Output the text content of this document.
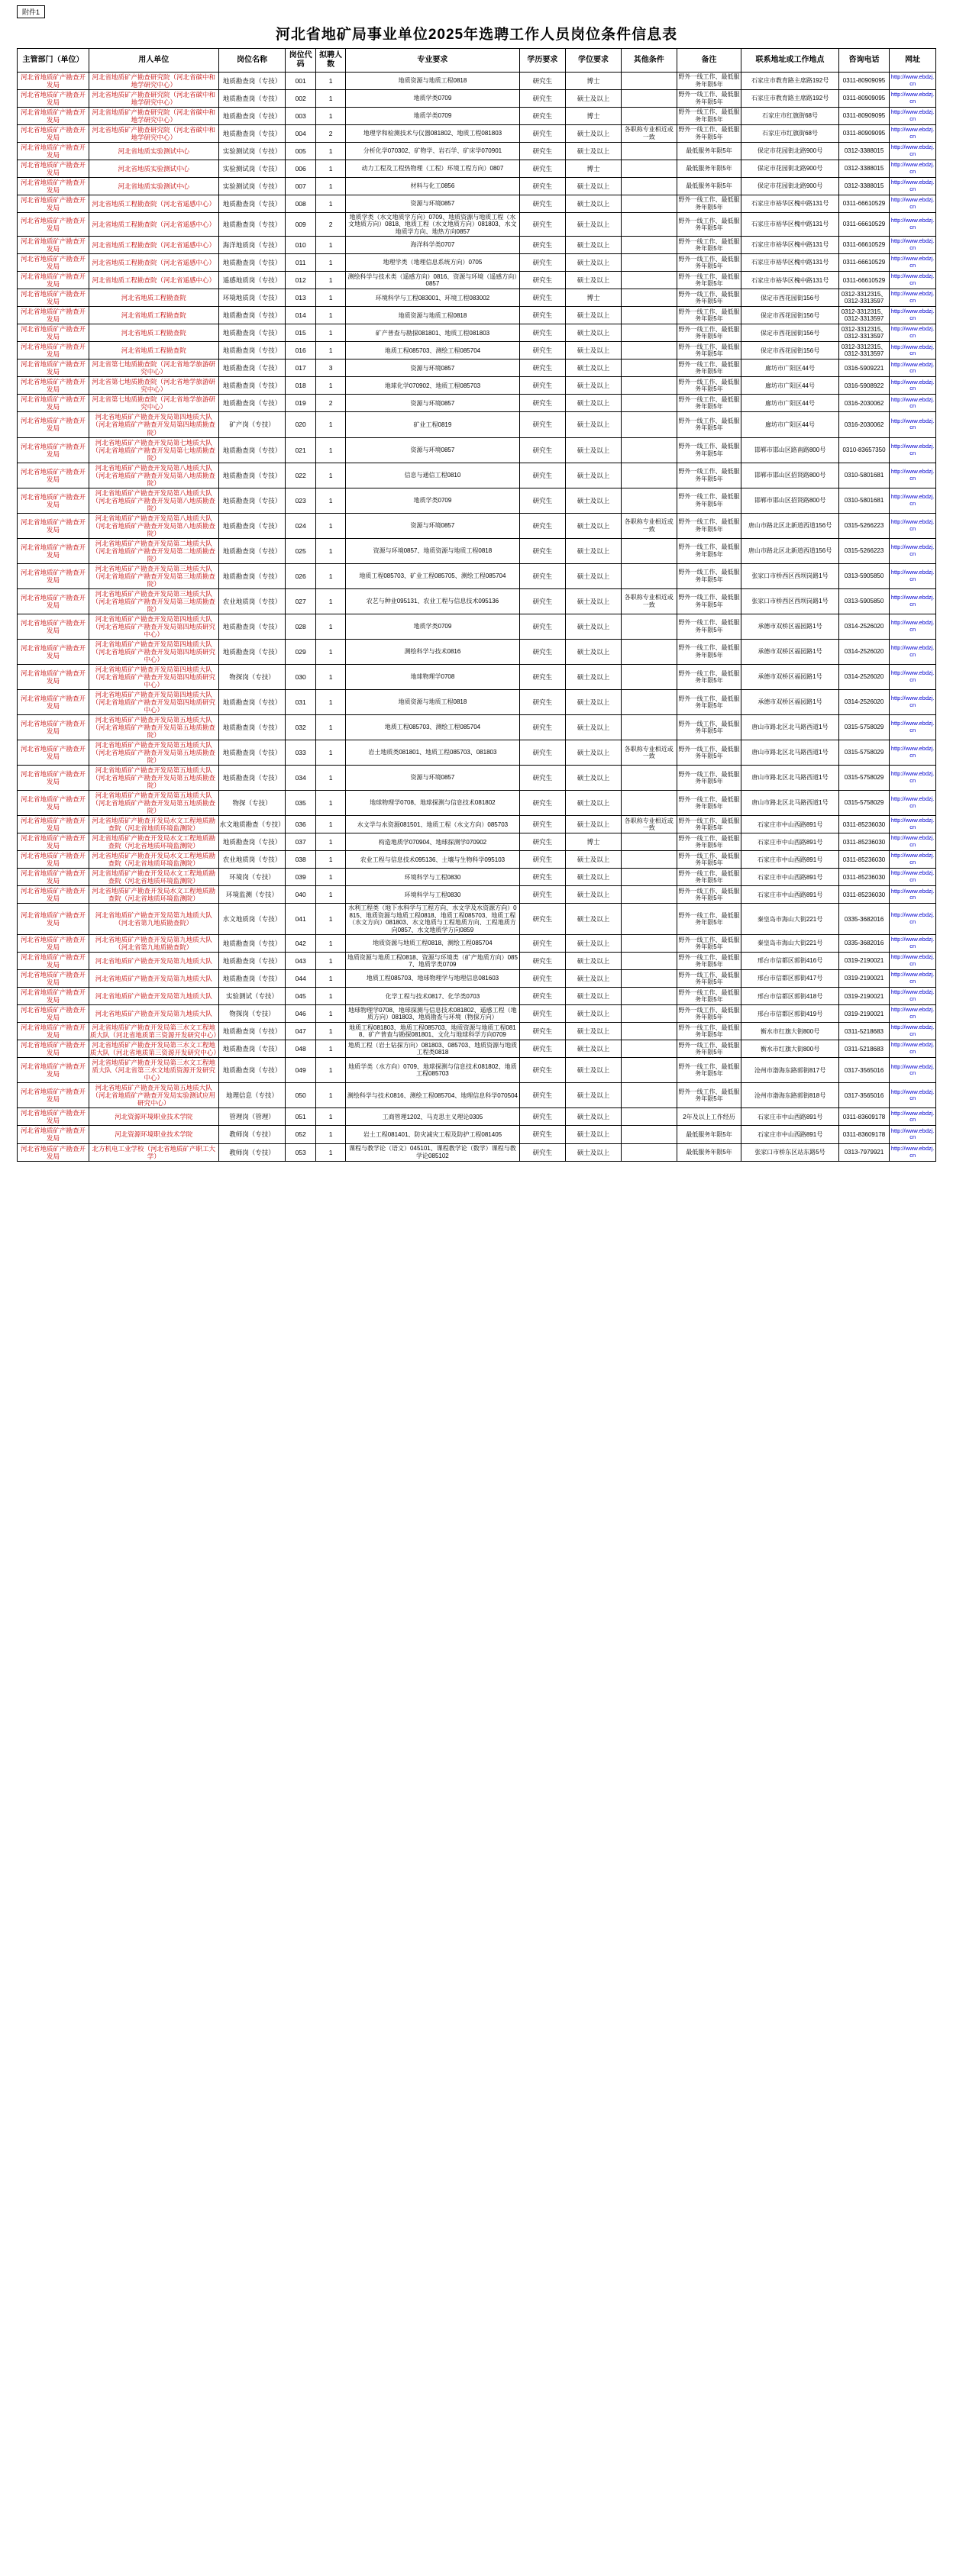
附件1
河北省地矿局事业单位2025年选聘工作人员岗位条件信息表
主管部门（单位）	用人单位	岗位名称	岗位代码	拟聘人数	专业要求	学历要求	学位要求	其他条件	备注	联系地址或工作地点	咨询电话	网址
河北省地质矿产勘查开发局	河北省地质矿产勘查研究院（河北省碳中和地学研究中心）	地质勘查岗（专技）	001	1	地质资源与地质工程0818	研究生	博士		野外一线工作、最低服务年限5年	石家庄市教育路主席路192号	0311-80909095	http://www.ebdzj.cn
河北省地质矿产勘查开发局	河北省地质矿产勘查研究院（河北省碳中和地学研究中心）	地质勘查岗（专技）	002	1	地质学类0709	研究生	硕士及以上		野外一线工作、最低服务年限5年	石家庄市教育路主席路192号	0311-80909095	http://www.ebdzj.cn
河北省地质矿产勘查开发局	河北省地质矿产勘查研究院（河北省碳中和地学研究中心）	地质勘查岗（专技）	003	1	地质学类0709	研究生	博士		野外一线工作、最低服务年限5年	石家庄市红旗街68号	0311-80909095	http://www.ebdzj.cn
河北省地质矿产勘查开发局	河北省地质矿产勘查研究院（河北省碳中和地学研究中心）	地质勘查岗（专技）	004	2	地理学和检测技术与仪器081802、地质工程081803	研究生	硕士及以上	各职称专业相近或一致	野外一线工作、最低服务年限5年	石家庄市红旗街68号	0311-80909095	http://www.ebdzj.cn
河北省地质矿产勘查开发局	河北省地质实验测试中心	实验测试岗（专技）	005	1	分析化学070302、矿物学、岩石学、矿床学070901	研究生	硕士及以上		最低服务年限5年	保定市花园街北路900号	0312-3388015	http://www.ebdzj.cn
河北省地质矿产勘查开发局	河北省地质实验测试中心	实验测试岗（专技）	006	1	动力工程及工程热物理（工程）环境工程方向）0807	研究生	博士		最低服务年限5年	保定市花园街北路900号	0312-3388015	http://www.ebdzj.cn
河北省地质矿产勘查开发局	河北省地质实验测试中心	实验测试岗（专技）	007	1	材料与化工0856	研究生	硕士及以上		最低服务年限5年	保定市花园街北路900号	0312-3388015	http://www.ebdzj.cn
河北省地质矿产勘查开发局	河北省地质工程勘查院（河北省遥感中心）	地质勘查岗（专技）	008	1	资源与环境0857	研究生	硕士及以上		野外一线工作、最低服务年限5年	石家庄市裕华区槐中路131号	0311-66610529	http://www.ebdzj.cn
河北省地质矿产勘查开发局	河北省地质工程勘查院（河北省遥感中心）	地质勘查岗（专技）	009	2	地质学类（水文地质学方向）0709、地质资源与地质工程（水文地质方向）0818、地质工程（水文地质方向）081803、水文地质学方向、地热方向0857	研究生	硕士及以上		野外一线工作、最低服务年限5年	石家庄市裕华区槐中路131号	0311-66610529	http://www.ebdzj.cn
河北省地质矿产勘查开发局	河北省地质工程勘查院（河北省遥感中心）	海洋地质岗（专技）	010	1	海洋科学类0707	研究生	硕士及以上		野外一线工作、最低服务年限5年	石家庄市裕华区槐中路131号	0311-66610529	http://www.ebdzj.cn
河北省地质矿产勘查开发局	河北省地质工程勘查院（河北省遥感中心）	地质勘查岗（专技）	011	1	地理学类（地理信息系统方向）0705	研究生	硕士及以上		野外一线工作、最低服务年限5年	石家庄市裕华区槐中路131号	0311-66610529	http://www.ebdzj.cn
河北省地质矿产勘查开发局	河北省地质工程勘查院（河北省遥感中心）	遥感地质岗（专技）	012	1	测绘科学与技术类（遥感方向）0816、资源与环境（遥感方向）0857	研究生	硕士及以上		野外一线工作、最低服务年限5年	石家庄市裕华区槐中路131号	0311-66610529	http://www.ebdzj.cn
河北省地质矿产勘查开发局	河北省地质工程勘查院	环境地质岗（专技）	013	1	环境科学与工程083001、环境工程083002	研究生	博士		野外一线工作、最低服务年限5年	保定市西花园街156号	0312-3312315、0312-3313597	http://www.ebdzj.cn
河北省地质矿产勘查开发局	河北省地质工程勘查院	地质勘查岗（专技）	014	1	地质资源与地质工程0818	研究生	硕士及以上		野外一线工作、最低服务年限5年	保定市西花园街156号	0312-3312315、0312-3313597	http://www.ebdzj.cn
河北省地质矿产勘查开发局	河北省地质工程勘查院	地质勘查岗（专技）	015	1	矿产普查与勘探081801、地质工程081803	研究生	硕士及以上		野外一线工作、最低服务年限5年	保定市西花园街156号	0312-3312315、0312-3313597	http://www.ebdzj.cn
河北省地质矿产勘查开发局	河北省地质工程勘查院	地质勘查岗（专技）	016	1	地质工程085703、测绘工程085704	研究生	硕士及以上		野外一线工作、最低服务年限5年	保定市西花园街156号	0312-3312315、0312-3313597	http://www.ebdzj.cn
河北省地质矿产勘查开发局	河北省第七地质勘查院（河北省地学旅游研究中心）	地质勘查岗（专技）	017	3	资源与环境0857	研究生	硕士及以上		野外一线工作、最低服务年限5年	廊坊市广阳区44号	0316-5909221	http://www.ebdzj.cn
河北省地质矿产勘查开发局	河北省第七地质勘查院（河北省地学旅游研究中心）	地质勘查岗（专技）	018	1	地球化学070902、地质工程085703	研究生	硕士及以上		野外一线工作、最低服务年限5年	廊坊市广阳区44号	0316-5908922	http://www.ebdzj.cn
河北省地质矿产勘查开发局	河北省第七地质勘查院（河北省地学旅游研究中心）	地质勘查岗（专技）	019	2	资源与环境0857	研究生	硕士及以上		野外一线工作、最低服务年限5年	廊坊市广阳区44号	0316-2030062	http://www.ebdzj.cn
河北省地质矿产勘查开发局	河北省地质矿产勘查开发局第四地质大队（河北省地质矿产勘查开发局第四地质勘查院）	矿产岗（专技）	020	1	矿业工程0819	研究生	硕士及以上		野外一线工作、最低服务年限5年	廊坊市广阳区44号	0316-2030062	http://www.ebdzj.cn
河北省地质矿产勘查开发局	河北省地质矿产勘查开发局第七地质大队（河北省地质矿产勘查开发局第七地质勘查院）	地质勘查岗（专技）	021	1	资源与环境0857	研究生	硕士及以上		野外一线工作、最低服务年限5年	邯郸市邯山区路南路800号	0310-83657350	http://www.ebdzj.cn
河北省地质矿产勘查开发局	河北省地质矿产勘查开发局第八地质大队（河北省地质矿产勘查开发局第八地质勘查院）	地质勘查岗（专技）	022	1	信息与通信工程0810	研究生	硕士及以上		野外一线工作、最低服务年限5年	邯郸市邯山区招贤路800号	0310-5801681	http://www.ebdzj.cn
河北省地质矿产勘查开发局	河北省地质矿产勘查开发局第八地质大队（河北省地质矿产勘查开发局第八地质勘查院）	地质勘查岗（专技）	023	1	地质学类0709	研究生	硕士及以上		野外一线工作、最低服务年限5年	邯郸市邯山区招贤路800号	0310-5801681	http://www.ebdzj.cn
河北省地质矿产勘查开发局	河北省地质矿产勘查开发局第八地质大队（河北省地质矿产勘查开发局第八地质勘查院）	地质勘查岗（专技）	024	1	资源与环境0857	研究生	硕士及以上	各职称专业相近或一致	野外一线工作、最低服务年限5年	唐山市路北区北新道西道156号	0315-5266223	http://www.ebdzj.cn
河北省地质矿产勘查开发局	河北省地质矿产勘查开发局第二地质大队（河北省地质矿产勘查开发局第二地质勘查院）	地质勘查岗（专技）	025	1	资源与环境0857、地质资源与地质工程0818	研究生	硕士及以上		野外一线工作、最低服务年限5年	唐山市路北区北新道西道156号	0315-5266223	http://www.ebdzj.cn
河北省地质矿产勘查开发局	河北省地质矿产勘查开发局第三地质大队（河北省地质矿产勘查开发局第三地质勘查院）	地质勘查岗（专技）	026	1	地质工程085703、矿业工程085705、测绘工程085704	研究生	硕士及以上		野外一线工作、最低服务年限5年	张家口市桥西区西坝岗路1号	0313-5905850	http://www.ebdzj.cn
河北省地质矿产勘查开发局	河北省地质矿产勘查开发局第三地质大队（河北省地质矿产勘查开发局第三地质勘查院）	农业地质岗（专技）	027	1	农艺与种业095131、农业工程与信息技术095136	研究生	硕士及以上	各职称专业相近或一致	野外一线工作、最低服务年限5年	张家口市桥西区西坝岗路1号	0313-5905850	http://www.ebdzj.cn
河北省地质矿产勘查开发局	河北省地质矿产勘查开发局第四地质大队（河北省地质矿产勘查开发局第四地质研究中心）	地质勘查岗（专技）	028	1	地质学类0709	研究生	硕士及以上		野外一线工作、最低服务年限5年	承德市双桥区福园路1号	0314-2526020	http://www.ebdzj.cn
河北省地质矿产勘查开发局	河北省地质矿产勘查开发局第四地质大队（河北省地质矿产勘查开发局第四地质研究中心）	地质勘查岗（专技）	029	1	测绘科学与技术0816	研究生	硕士及以上		野外一线工作、最低服务年限5年	承德市双桥区福园路1号	0314-2526020	http://www.ebdzj.cn
河北省地质矿产勘查开发局	河北省地质矿产勘查开发局第四地质大队（河北省地质矿产勘查开发局第四地质研究中心）	物探岗（专技）	030	1	地球物理学0708	研究生	硕士及以上		野外一线工作、最低服务年限5年	承德市双桥区福园路1号	0314-2526020	http://www.ebdzj.cn
河北省地质矿产勘查开发局	河北省地质矿产勘查开发局第四地质大队（河北省地质矿产勘查开发局第四地质研究中心）	地质勘查岗（专技）	031	1	地质资源与地质工程0818	研究生	硕士及以上		野外一线工作、最低服务年限5年	承德市双桥区福园路1号	0314-2526020	http://www.ebdzj.cn
河北省地质矿产勘查开发局	河北省地质矿产勘查开发局第五地质大队（河北省地质矿产勘查开发局第五地质勘查院）	地质勘查岗（专技）	032	1	地质工程085703、测绘工程085704	研究生	硕士及以上		野外一线工作、最低服务年限5年	唐山市路北区北马路西道1号	0315-5758029	http://www.ebdzj.cn
河北省地质矿产勘查开发局	河北省地质矿产勘查开发局第五地质大队（河北省地质矿产勘查开发局第五地质勘查院）	地质勘查岗（专技）	033	1	岩土地质类081801、地质工程085703、081803	研究生	硕士及以上	各职称专业相近或一致	野外一线工作、最低服务年限5年	唐山市路北区北马路西道1号	0315-5758029	http://www.ebdzj.cn
河北省地质矿产勘查开发局	河北省地质矿产勘查开发局第五地质大队（河北省地质矿产勘查开发局第五地质勘查院）	地质勘查岗（专技）	034	1	资源与环境0857	研究生	硕士及以上		野外一线工作、最低服务年限5年	唐山市路北区北马路西道1号	0315-5758029	http://www.ebdzj.cn
河北省地质矿产勘查开发局	河北省地质矿产勘查开发局第五地质大队（河北省地质矿产勘查开发局第五地质勘查院）	物探（专技）	035	1	地球物理学0708、地球探测与信息技术081802	研究生	硕士及以上		野外一线工作、最低服务年限5年	唐山市路北区北马路西道1号	0315-5758029	http://www.ebdzj.cn
河北省地质矿产勘查开发局	河北省地质矿产勘查开发局水文工程地质勘查院（河北省地质环境监测院）	水文地质勘查（专技）	036	1	水文学与水资源081501、地质工程（水文方向）085703	研究生	硕士及以上	各职称专业相近或一致	野外一线工作、最低服务年限5年	石家庄市中山西路891号	0311-85236030	http://www.ebdzj.cn
河北省地质矿产勘查开发局	河北省地质矿产勘查开发局水文工程地质勘查院（河北省地质环境监测院）	地质勘查岗（专技）	037	1	构造地质学070904、地球探测学070902	研究生	博士		野外一线工作、最低服务年限5年	石家庄市中山西路891号	0311-85236030	http://www.ebdzj.cn
河北省地质矿产勘查开发局	河北省地质矿产勘查开发局水文工程地质勘查院（河北省地质环境监测院）	农业地质岗（专技）	038	1	农业工程与信息技术095136、土壤与生物科学095103	研究生	硕士及以上		野外一线工作、最低服务年限5年	石家庄市中山西路891号	0311-85236030	http://www.ebdzj.cn
河北省地质矿产勘查开发局	河北省地质矿产勘查开发局水文工程地质勘查院（河北省地质环境监测院）	环境岗（专技）	039	1	环境科学与工程0830	研究生	硕士及以上		野外一线工作、最低服务年限5年	石家庄市中山西路891号	0311-85236030	http://www.ebdzj.cn
河北省地质矿产勘查开发局	河北省地质矿产勘查开发局水文工程地质勘查院（河北省地质环境监测院）	环境监测（专技）	040	1	环境科学与工程0830	研究生	硕士及以上		野外一线工作、最低服务年限5年	石家庄市中山西路891号	0311-85236030	http://www.ebdzj.cn
河北省地质矿产勘查开发局	河北省地质矿产勘查开发局第九地质大队（河北省第九地质勘查院）	水文地质岗（专技）	041	1	水利工程类（地下水科学与工程方向、水文学及水资源方向）0815、地质资源与地质工程0818、地质工程085703、地质工程（水文方向）081803、水文地质与工程地质方向、工程地质方向0857、水文地质学方向0859	研究生	硕士及以上		野外一线工作、最低服务年限5年	秦皇岛市海山大街221号	0335-3682016	http://www.ebdzj.cn
河北省地质矿产勘查开发局	河北省地质矿产勘查开发局第九地质大队（河北省第九地质勘查院）	地质勘查岗（专技）	042	1	地质资源与地质工程0818、测绘工程085704	研究生	硕士及以上		野外一线工作、最低服务年限5年	秦皇岛市海山大街221号	0335-3682016	http://www.ebdzj.cn
河北省地质矿产勘查开发局	河北省地质矿产勘查开发局第九地质大队	地质勘查岗（专技）	043	1	地质资源与地质工程0818、资源与环境类（矿产地质方向）0857、地质学类0709	研究生	硕士及以上		野外一线工作、最低服务年限5年	邢台市信都区郭街416号	0319-2190021	http://www.ebdzj.cn
河北省地质矿产勘查开发局	河北省地质矿产勘查开发局第九地质大队	地质勘查岗（专技）	044	1	地质工程085703、地球物理学与地理信息081603	研究生	硕士及以上		野外一线工作、最低服务年限5年	邢台市信都区郭街417号	0319-2190021	http://www.ebdzj.cn
河北省地质矿产勘查开发局	河北省地质矿产勘查开发局第九地质大队	实验测试（专技）	045	1	化学工程与技术0817、化学类0703	研究生	硕士及以上		野外一线工作、最低服务年限5年	邢台市信都区郭街418号	0319-2190021	http://www.ebdzj.cn
河北省地质矿产勘查开发局	河北省地质矿产勘查开发局第九地质大队	物探岗（专技）	046	1	地球物理学0708、地球探测与信息技术081802、遥感工程（地质方向）081803、地质勘查与环境（物探方向）	研究生	硕士及以上		野外一线工作、最低服务年限5年	邢台市信都区郭街419号	0319-2190021	http://www.ebdzj.cn
河北省地质矿产勘查开发局	河北省地质矿产勘查开发局第三水文工程地质大队（河北省地质第三资源开发研究中心）	地质勘查岗（专技）	047	1	地质工程081803、地质工程085703、地质资源与地质工程0818、矿产普查与勘探081801、文化与地球科学方向0709	研究生	硕士及以上		野外一线工作、最低服务年限5年	衡水市红旗大街800号	0311-5218683	http://www.ebdzj.cn
河北省地质矿产勘查开发局	河北省地质矿产勘查开发局第三水文工程地质大队（河北省地质第三资源开发研究中心）	地质勘查岗（专技）	048	1	地质工程（岩土钻探方向）081803、085703、地质资源与地质工程类0818	研究生	硕士及以上		野外一线工作、最低服务年限5年	衡水市红旗大街800号	0311-5218683	http://www.ebdzj.cn
河北省地质矿产勘查开发局	河北省地质矿产勘查开发局第三水文工程地质大队（河北省第三水文地质资源开发研究中心）	地质勘查岗（专技）	049	1	地质学类（水方向）0709、地球探测与信息技术081802、地质工程085703	研究生	硕士及以上		野外一线工作、最低服务年限5年	沧州市渤海东路郭街817号	0317-3565016	http://www.ebdzj.cn
河北省地质矿产勘查开发局	河北省地质矿产勘查开发局第五地质大队（河北省地质矿产勘查开发局实验测试应用研究中心）	地理信息（专技）	050	1	测绘科学与技术0816、测绘工程085704、地理信息科学070504	研究生	硕士及以上		野外一线工作、最低服务年限5年	沧州市渤海东路郭街818号	0317-3565016	http://www.ebdzj.cn
河北省地质矿产勘查开发局	河北资源环境职业技术学院	管理岗（管理）	051	1	工商管理1202、马克思主义理论0305	研究生	硕士及以上		2年及以上工作经历	石家庄市中山西路891号	0311-83609178	http://www.ebdzj.cn
河北省地质矿产勘查开发局	河北资源环境职业技术学院	教师岗（专技）	052	1	岩土工程081401、防灾减灾工程及防护工程081405	研究生	硕士及以上		最低服务年限5年	石家庄市中山西路891号	0311-83609178	http://www.ebdzj.cn
河北省地质矿产勘查开发局	北方机电工业学校（河北省地质矿产职工大学）	教师岗（专技）	053	1	课程与教学论（语文）045101、课程教学论（数学）课程与教学论085102	研究生	硕士及以上		最低服务年限5年	张家口市桥东区站东路5号	0313-7979921	http://www.ebdzj.cn
